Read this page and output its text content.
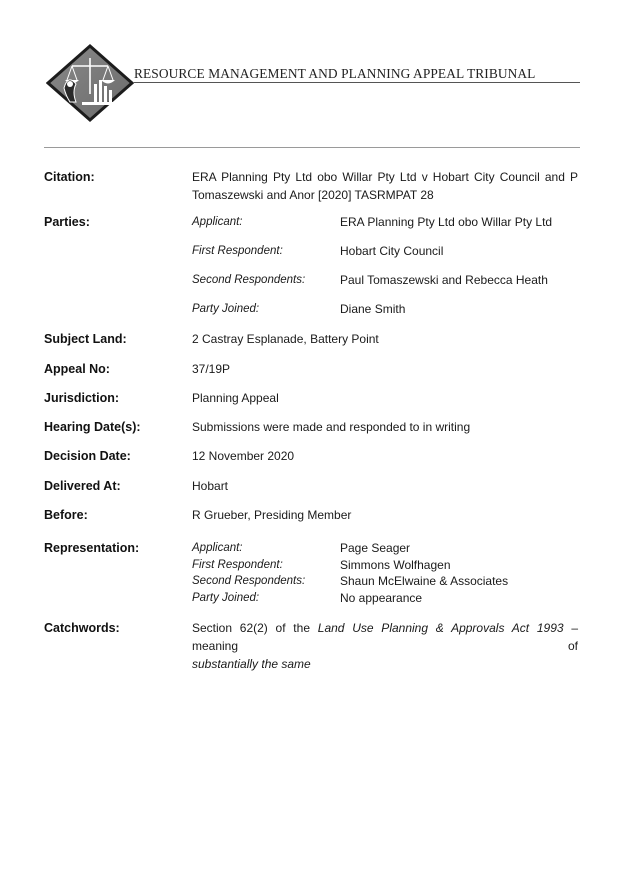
RESOURCE MANAGEMENT AND PLANNING APPEAL TRIBUNAL
Citation:	ERA Planning Pty Ltd obo Willar Pty Ltd v Hobart City Council and P
Tomaszewski and Anor [2020] TASRMPAT 28
Parties:	Applicant:	ERA Planning Pty Ltd obo Willar Pty Ltd
First Respondent:	Hobart City Council
Second Respondents:	Paul Tomaszewski and Rebecca Heath
Party Joined:	Diane Smith
Subject Land:	2 Castray Esplanade, Battery Point
Appeal No:	37/19P
Jurisdiction:	Planning Appeal
Hearing Date(s):	Submissions were made and responded to in writing
Decision Date:	12 November 2020
Delivered At:	Hobart
Before:	R Grueber, Presiding Member
Representation:	Applicant:	Page Seager
First Respondent:	Simmons Wolfhagen
Second Respondents:	Shaun McElwaine & Associates
Party Joined:	No appearance
Catchwords:	Section 62(2) of the Land Use Planning & Approvals Act 1993 – meaning of
substantially the same
